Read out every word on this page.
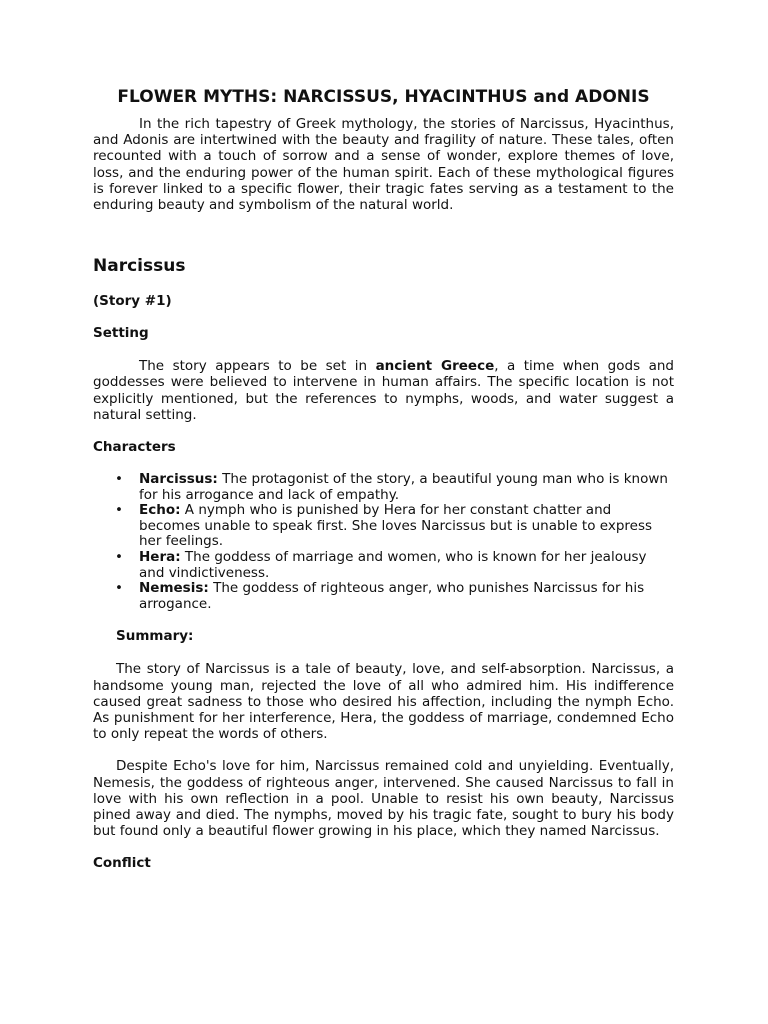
FLOWER MYTHS: NARCISSUS, HYACINTHUS and ADONIS

In the rich tapestry of Greek mythology, the stories of Narcissus, Hyacinthus, and Adonis are intertwined with the beauty and fragility of nature. These tales, often recounted with a touch of sorrow and a sense of wonder, explore themes of love, loss, and the enduring power of the human spirit. Each of these mythological figures is forever linked to a specific flower, their tragic fates serving as a testament to the enduring beauty and symbolism of the natural world.

Narcissus

(Story #1)

Setting

The story appears to be set in ancient Greece, a time when gods and goddesses were believed to intervene in human affairs. The specific location is not explicitly mentioned, but the references to nymphs, woods, and water suggest a natural setting.

Characters

• Narcissus: The protagonist of the story, a beautiful young man who is known for his arrogance and lack of empathy.
• Echo: A nymph who is punished by Hera for her constant chatter and becomes unable to speak first. She loves Narcissus but is unable to express her feelings.
• Hera: The goddess of marriage and women, who is known for her jealousy and vindictiveness.
• Nemesis: The goddess of righteous anger, who punishes Narcissus for his arrogance.

Summary:

The story of Narcissus is a tale of beauty, love, and self-absorption. Narcissus, a handsome young man, rejected the love of all who admired him. His indifference caused great sadness to those who desired his affection, including the nymph Echo. As punishment for her interference, Hera, the goddess of marriage, condemned Echo to only repeat the words of others.

Despite Echo's love for him, Narcissus remained cold and unyielding. Eventually, Nemesis, the goddess of righteous anger, intervened. She caused Narcissus to fall in love with his own reflection in a pool. Unable to resist his own beauty, Narcissus pined away and died. The nymphs, moved by his tragic fate, sought to bury his body but found only a beautiful flower growing in his place, which they named Narcissus.

Conflict
